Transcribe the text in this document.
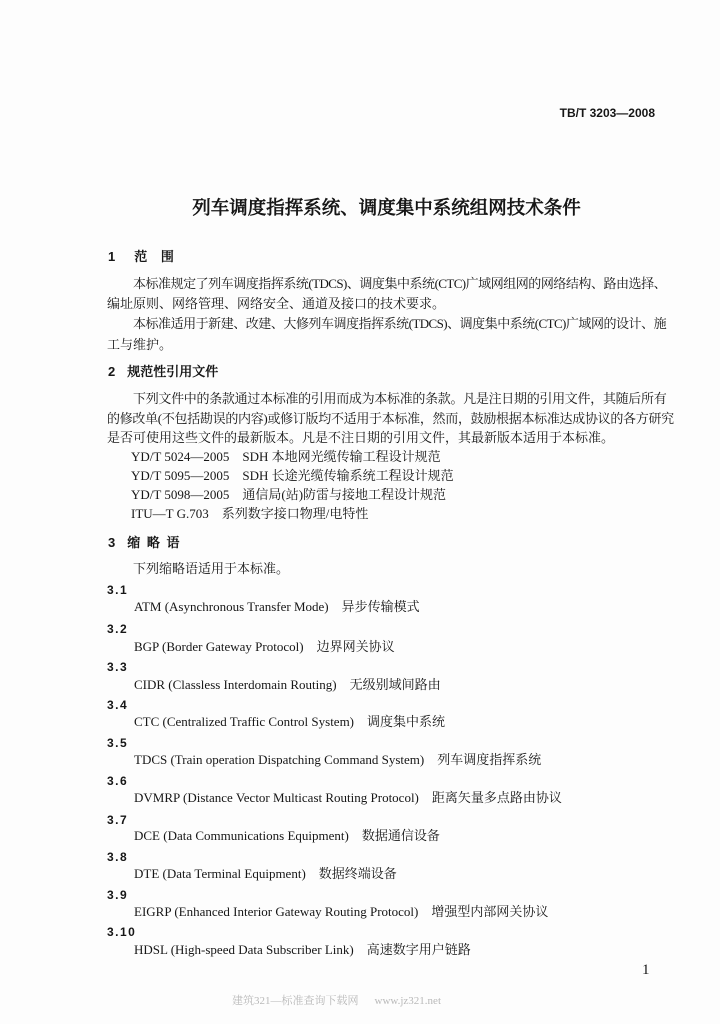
TB/T 3203—2008
列车调度指挥系统、调度集中系统组网技术条件
1 范 围
本标准规定了列车调度指挥系统(TDCS)、调度集中系统(CTC)广域网组网的网络结构、路由选择、
编址原则、网络管理、网络安全、通道及接口的技术要求。
本标准适用于新建、改建、大修列车调度指挥系统(TDCS)、调度集中系统(CTC)广域网的设计、施
工与维护。
2 规范性引用文件
下列文件中的条款通过本标准的引用而成为本标准的条款。凡是注日期的引用文件，其随后所有
的修改单(不包括勘误的内容)或修订版均不适用于本标准，然而，鼓励根据本标准达成协议的各方研究
是否可使用这些文件的最新版本。凡是不注日期的引用文件，其最新版本适用于本标准。
YD/T 5024—2005 SDH 本地网光缆传输工程设计规范
YD/T 5095—2005 SDH 长途光缆传输系统工程设计规范
YD/T 5098—2005 通信局(站)防雷与接地工程设计规范
ITU—T G.703 系列数字接口物理/电特性
3 缩 略 语
下列缩略语适用于本标准。
3.1
ATM (Asynchronous Transfer Mode) 异步传输模式
3.2
BGP (Border Gateway Protocol) 边界网关协议
3.3
CIDR (Classless Interdomain Routing) 无级别域间路由
3.4
CTC (Centralized Traffic Control System) 调度集中系统
3.5
TDCS (Train operation Dispatching Command System) 列车调度指挥系统
3.6
DVMRP (Distance Vector Multicast Routing Protocol) 距离矢量多点路由协议
3.7
DCE (Data Communications Equipment) 数据通信设备
3.8
DTE (Data Terminal Equipment) 数据终端设备
3.9
EIGRP (Enhanced Interior Gateway Routing Protocol) 增强型内部网关协议
3.10
HDSL (High-speed Data Subscriber Link) 高速数字用户链路
1
建筑321—标准查询下载网 www.jz321.net
